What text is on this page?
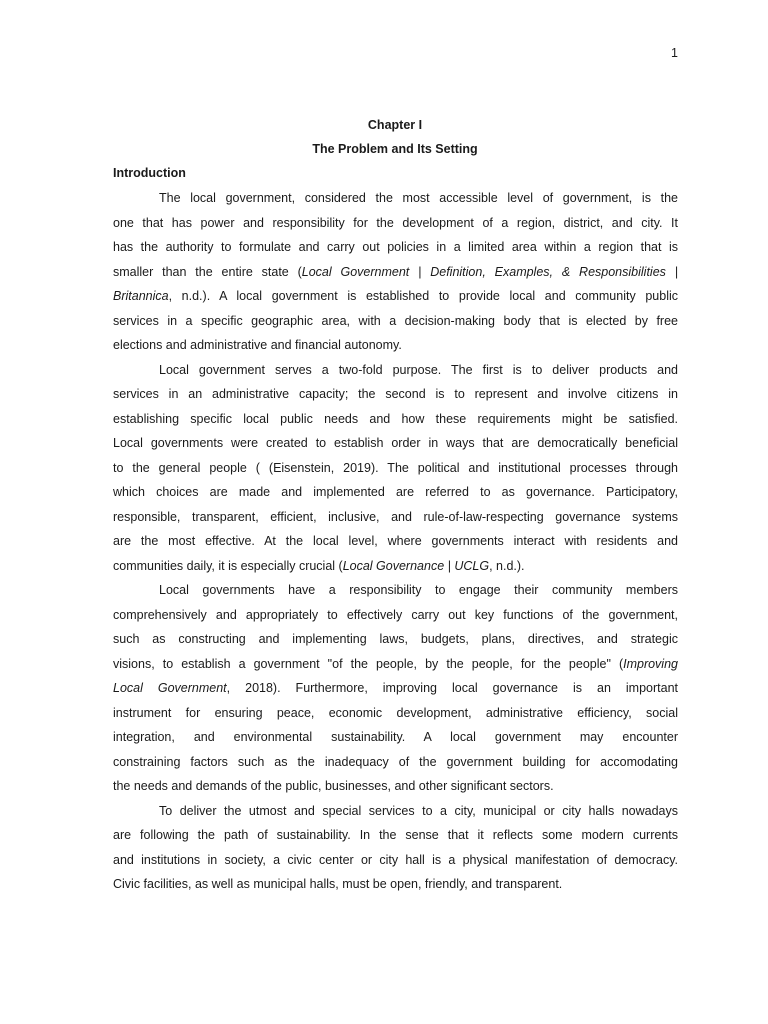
1
Chapter I
The Problem and Its Setting
Introduction
The local government, considered the most accessible level of government, is the
one that has power and responsibility for the development of a region, district, and city. It
has the authority to formulate and carry out policies in a limited area within a region that is
smaller than the entire state (Local Government | Definition, Examples, & Responsibilities |
Britannica, n.d.). A local government is established to provide local and community public
services in a specific geographic area, with a decision-making body that is elected by free
elections and administrative and financial autonomy.
Local government serves a two-fold purpose. The first is to deliver products and
services in an administrative capacity; the second is to represent and involve citizens in
establishing specific local public needs and how these requirements might be satisfied.
Local governments were created to establish order in ways that are democratically beneficial
to the general people ( (Eisenstein, 2019). The political and institutional processes through
which choices are made and implemented are referred to as governance. Participatory,
responsible, transparent, efficient, inclusive, and rule-of-law-respecting governance systems
are the most effective. At the local level, where governments interact with residents and
communities daily, it is especially crucial (Local Governance | UCLG, n.d.).
Local governments have a responsibility to engage their community members
comprehensively and appropriately to effectively carry out key functions of the government,
such as constructing and implementing laws, budgets, plans, directives, and strategic
visions, to establish a government "of the people, by the people, for the people" (Improving
Local Government, 2018). Furthermore, improving local governance is an important
instrument for ensuring peace, economic development, administrative efficiency, social
integration, and environmental sustainability. A local government may encounter
constraining factors such as the inadequacy of the government building for accomodating
the needs and demands of the public, businesses, and other significant sectors.
To deliver the utmost and special services to a city, municipal or city halls nowadays
are following the path of sustainability. In the sense that it reflects some modern currents
and institutions in society, a civic center or city hall is a physical manifestation of democracy.
Civic facilities, as well as municipal halls, must be open, friendly, and transparent.
